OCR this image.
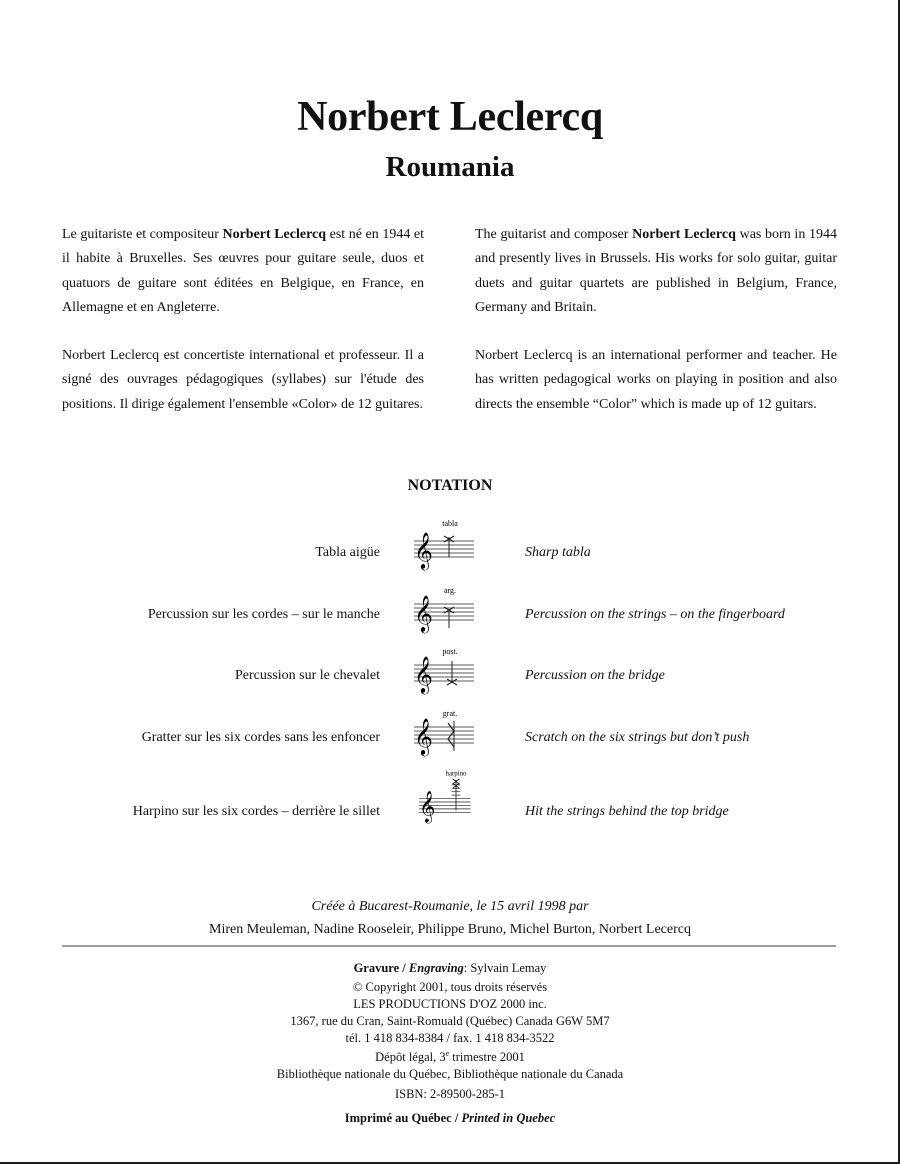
Norbert Leclercq
Roumania

Le guitariste et compositeur Norbert Leclercq est né en 1944 et il habite à Bruxelles. Ses œuvres pour guitare seule, duos et quatuors de guitare sont éditées en Belgique, en France, en Allemagne et en Angleterre.

Norbert Leclercq est concertiste international et professeur. Il a signé des ouvrages pédagogiques (syllabes) sur l'étude des positions. Il dirige également l'ensemble «Color» de 12 guitares.

The guitarist and composer Norbert Leclercq was born in 1944 and presently lives in Brussels. His works for solo guitar, guitar duets and guitar quartets are published in Belgium, France, Germany and Britain.

Norbert Leclercq is an international performer and teacher. He has written pedagogical works on playing in position and also directs the ensemble “Color” which is made up of 12 guitars.

NOTATION
Tabla aigüe	Sharp tabla
Percussion sur les cordes – sur le manche	Percussion on the strings – on the fingerboard
Percussion sur le chevalet	Percussion on the bridge
Gratter sur les six cordes sans les enfoncer	Scratch on the six strings but don’t push
Harpino sur les six cordes – derrière le sillet	Hit the strings behind the top bridge
tabla
𝄞
arg.
𝄞
post.
𝄞
grat.
𝄞
harpino
𝄞
Créée à Bucarest-Roumanie, le 15 avril 1998 par
Miren Meuleman, Nadine Rooseleir, Philippe Bruno, Michel Burton, Norbert Lecercq
Gravure / Engraving: Sylvain Lemay
© Copyright 2001, tous droits réservés
LES PRODUCTIONS D'OZ 2000 inc.
1367, rue du Cran, Saint-Romuald (Québec) Canada G6W 5M7
tél. 1 418 834-8384 / fax. 1 418 834-3522
Dépôt légal, 3e trimestre 2001
Bibliothèque nationale du Québec, Bibliothèque nationale du Canada
ISBN: 2-89500-285-1
Imprimé au Québec / Printed in Quebec
